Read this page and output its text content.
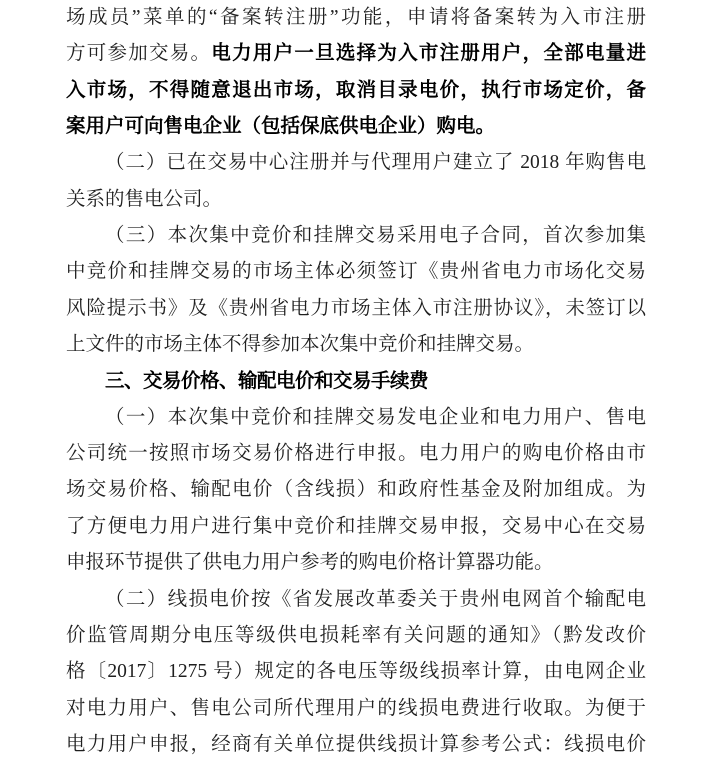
场成员”菜单的“备案转注册”功能，申请将备案转为入市注册
方可参加交易。电力用户一旦选择为入市注册用户，全部电量进
入市场，不得随意退出市场，取消目录电价，执行市场定价，备
案用户可向售电企业（包括保底供电企业）购电。
（二）已在交易中心注册并与代理用户建立了 2018 年购售电
关系的售电公司。
（三）本次集中竞价和挂牌交易采用电子合同，首次参加集
中竞价和挂牌交易的市场主体必须签订《贵州省电力市场化交易
风险提示书》及《贵州省电力市场主体入市注册协议》，未签订以
上文件的市场主体不得参加本次集中竞价和挂牌交易。
三、交易价格、输配电价和交易手续费
（一）本次集中竞价和挂牌交易发电企业和电力用户、售电
公司统一按照市场交易价格进行申报。电力用户的购电价格由市
场交易价格、输配电价（含线损）和政府性基金及附加组成。为
了方便电力用户进行集中竞价和挂牌交易申报，交易中心在交易
申报环节提供了供电力用户参考的购电价格计算器功能。
（二）线损电价按《省发展改革委关于贵州电网首个输配电
价监管周期分电压等级供电损耗率有关问题的通知》（黔发改价
格〔2017〕1275 号）规定的各电压等级线损率计算，由电网企业
对电力用户、售电公司所代理用户的线损电费进行收取。为便于
电力用户申报，经商有关单位提供线损计算参考公式：线损电价
